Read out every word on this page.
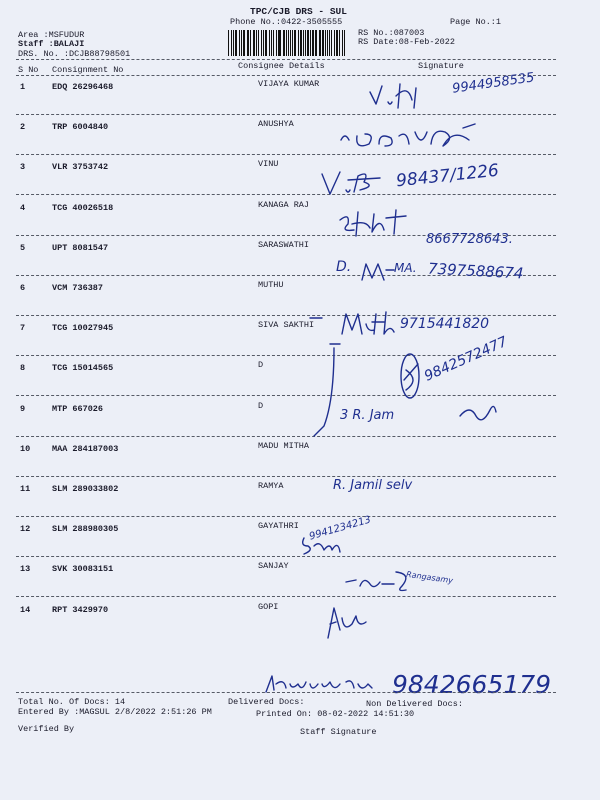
TPC/CJB DRS - SUL
Phone No.:0422-3505555	Page No.:1
Area :MSFUDUR
Staff :BALAJI
DRS. No. :DCJB88798501
RS No.:087003
RS Date:08-Feb-2022
S No Consignment No	Consignee Details	Signature
1	EDQ 26296468	VIJAYA KUMAR
2	TRP 6004840	ANUSHYA
3	VLR 3753742	VINU
4	TCG 40026518	KANAGA RAJ
5	UPT 8081547	SARASWATHI
6	VCM 736387	MUTHU
7	TCG 10027945	SIVA SAKTHI
8	TCG 15014565	D
9	MTP 667026	D
10	MAA 284187003	MADU MITHA
11	SLM 289033802	RAMYA
12	SLM 288980305	GAYATHRI
13	SVK 30083151	SANJAY
14	RPT 3429970	GOPI
9944958535
98437/1226
8667728643.
D.	MA. 7397588674
9715441820
9842572477
3 R. Jam
R. Jamil selv
9941234213
Rangasamy
9842665179
Total No. Of Docs: 14	Delivered Docs:	Non Delivered Docs:
Entered By :MAGSUL 2/8/2022 2:51:26 PM	Printed On: 08-02-2022 14:51:30
Verified By	Staff Signature
